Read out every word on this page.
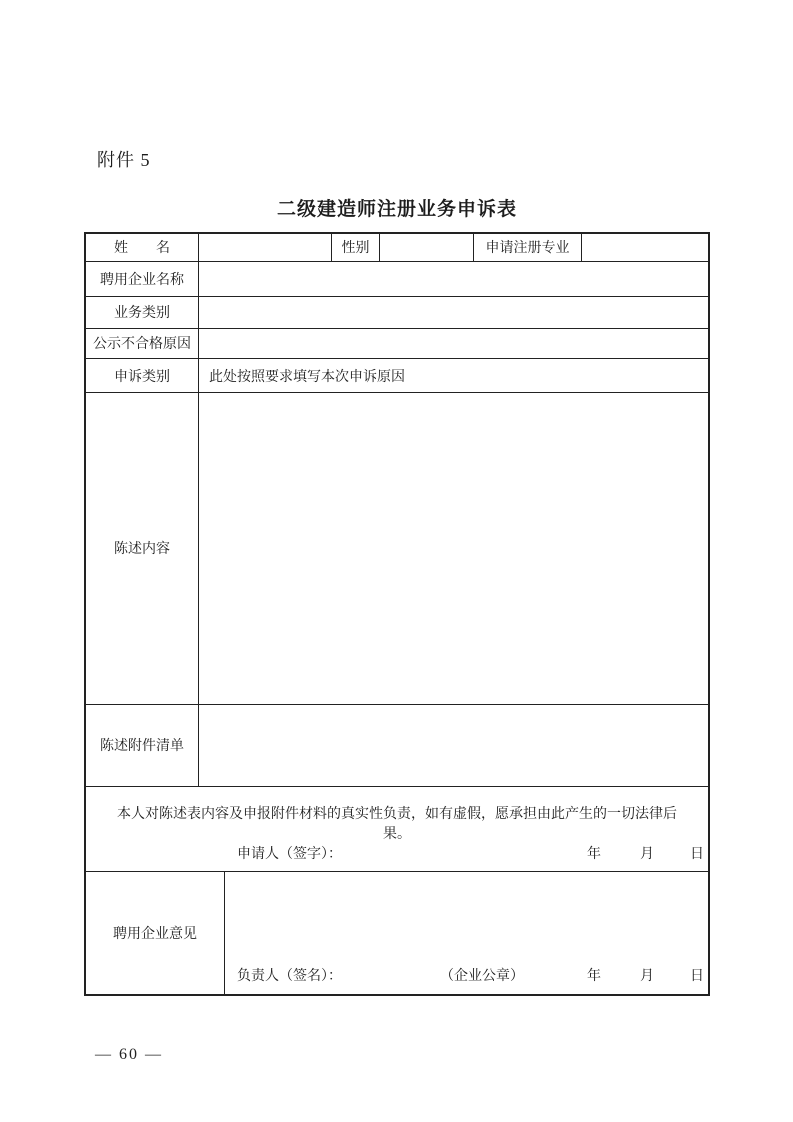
附件 5
二级建造师注册业务申诉表
姓　　名	性别	申请注册专业
聘用企业名称
业务类别
公示不合格原因
申诉类别	此处按照要求填写本次申诉原因
陈述内容
陈述附件清单
本人对陈述表内容及申报附件材料的真实性负责，如有虚假，愿承担由此产生的一切法律后果。
申请人（签字）：	年	月	日
聘用企业意见
负责人（签名）：	（企业公章）	年	月	日
— 60 —
